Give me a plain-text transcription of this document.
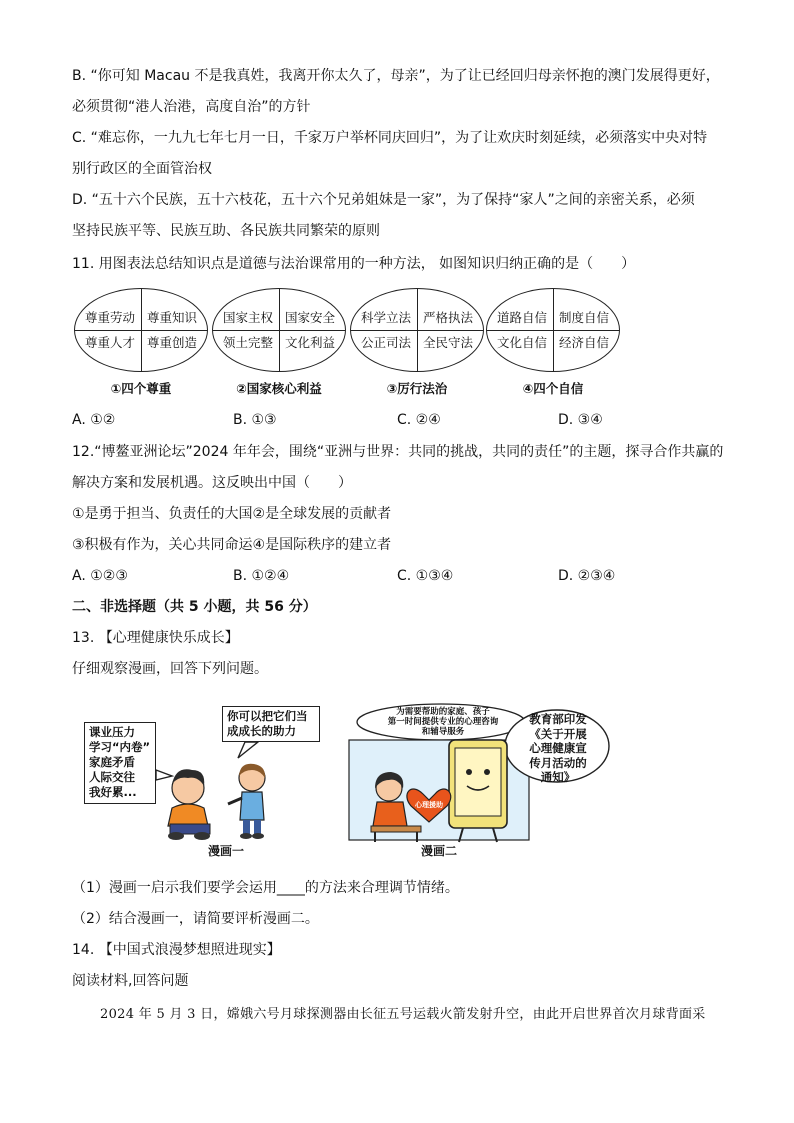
B. “你可知 Macau 不是我真姓，我离开你太久了，母亲”，为了让已经回归母亲怀抱的澳门发展得更好，
必须贯彻“港人治港，高度自治”的方针
C. “难忘你，一九九七年七月一日，千家万户举杯同庆回归”，为了让欢庆时刻延续，必须落实中央对特
别行政区的全面管治权
D. “五十六个民族，五十六枝花，五十六个兄弟姐妹是一家”，为了保持“家人”之间的亲密关系，必须
坚持民族平等、民族互助、各民族共同繁荣的原则
11. 用图表法总结知识点是道德与法治课常用的一种方法， 如图知识归纳正确的是（　　）
尊重劳动 尊重知识
尊重人才 尊重创造
①四个尊重
国家主权 国家安全
领土完整 文化利益
②国家核心利益
科学立法 严格执法
公正司法 全民守法
③厉行法治
道路自信 制度自信
文化自信 经济自信
④四个自信
A. ①②	B. ①③	C. ②④	D. ③④
12.“博鳌亚洲论坛”2024 年年会，围绕“亚洲与世界：共同的挑战，共同的责任”的主题，探寻合作共赢的
解决方案和发展机遇。这反映出中国（　　）
①是勇于担当、负责任的大国②是全球发展的贡献者
③积极有作为，关心共同命运④是国际秩序的建立者
A. ①②③	B. ①②④	C. ①③④	D. ②③④
二、非选择题（共 5 小题，共 56 分）
13. 【心理健康快乐成长】
仔细观察漫画，回答下列问题。
课业压力
学习“内卷”
家庭矛盾
人际交往
我好累...
你可以把它们当
成成长的助力
漫画一
为需要帮助的家庭、孩子
第一时间提供专业的心理咨询
和辅导服务
教育部印发
《关于开展
心理健康宣
传月活动的
通知》
心理援助
漫画二
（1）漫画一启示我们要学会运用____的方法来合理调节情绪。
（2）结合漫画一，请简要评析漫画二。
14. 【中国式浪漫梦想照进现实】
阅读材料,回答问题
2024 年 5 月 3 日，嫦娥六号月球探测器由长征五号运载火箭发射升空，由此开启世界首次月球背面采
